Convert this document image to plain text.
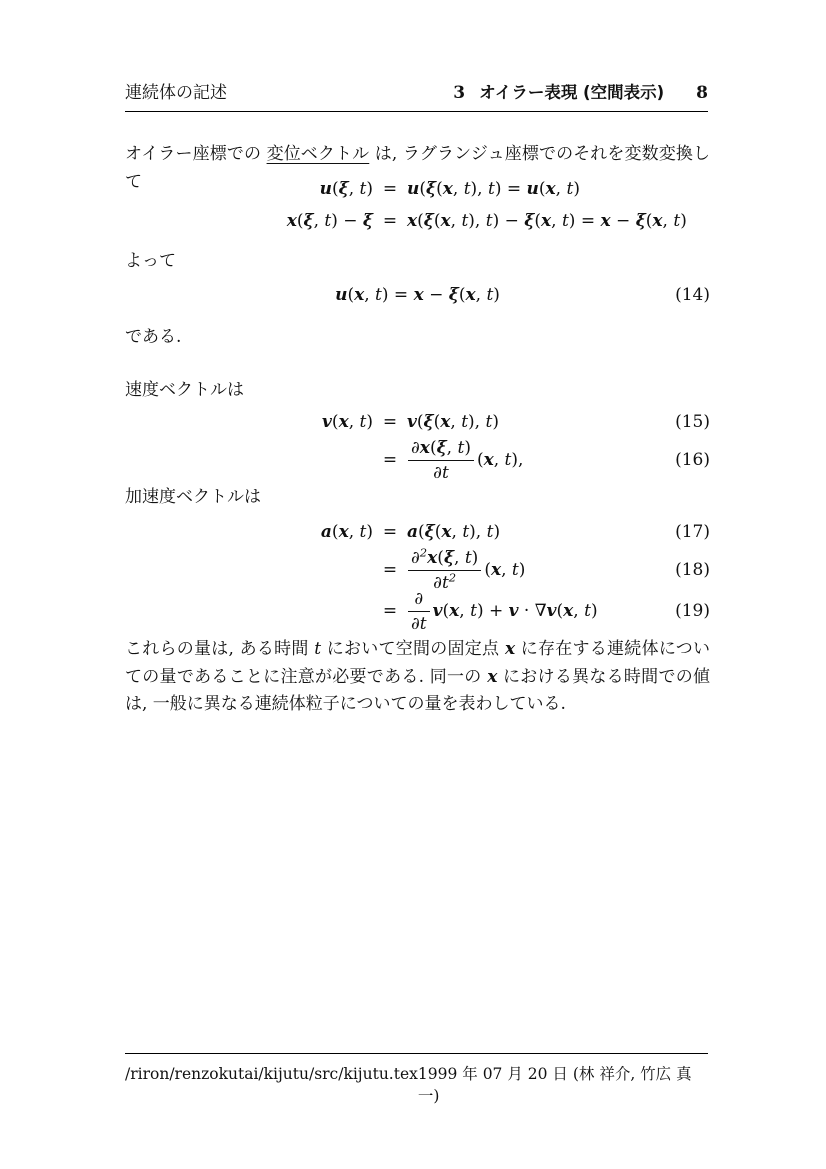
連続体の記述	3 オイラー表現 (空間表示) 8

オイラー座標での 変位ベクトル は, ラグランジュ座標でのそれを変数変換して	u(ξ, t) = u(ξ(x, t), t) = u(x, t)
x(ξ, t) − ξ = x(ξ(x, t), t) − ξ(x, t) = x − ξ(x, t)

よって

u(x, t) = x − ξ(x, t)	(14)

である.

速度ベクトルは

v(x, t) = v(ξ(x, t), t)	(15)
= $\frac{\partial x(\xi, t)}{\partial t} (x$, t),	(16)

加速度ベクトルは

a(x, t) = a(ξ(x, t), t)	(17)
= $\frac{\partial^2x(\xi, t)}{\partial t^2} (x$, t)	(18)
= $\frac{\partial}{\partial t} v(x$, t) + v · ∇v(x, t)	(19)

これらの量は, ある時間 t において空間の固定点 x に存在する連続体についての量であることに注意が必要である. 同一の x における異なる時間での値は, 一般に異なる連続体粒子についての量を表わしている.

/riron/renzokutai/kijutu/src/kijutu.tex 1999 年 07 月 20 日 (林 祥介, 竹広 真一)
